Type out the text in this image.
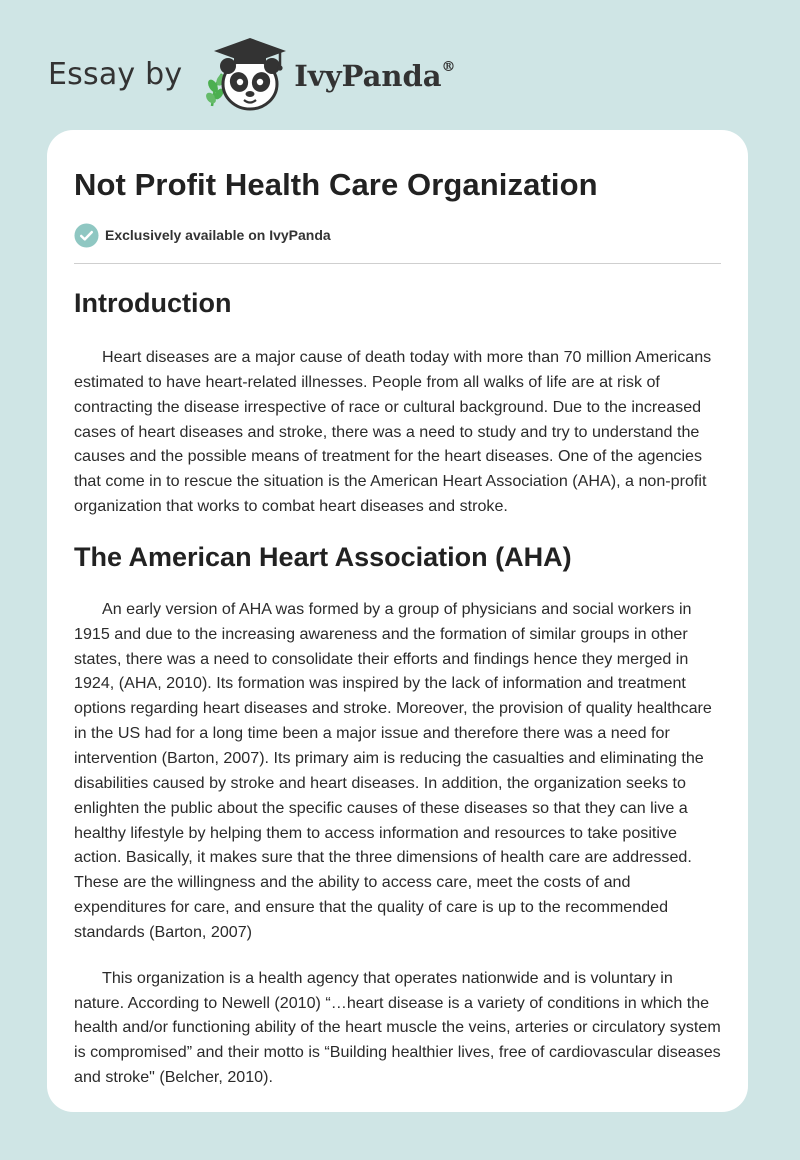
Essay by	IvyPanda®
Not Profit Health Care Organization
Exclusively available on IvyPanda
Introduction

Heart diseases are a major cause of death today with more than 70 million Americans estimated to have heart-related illnesses. People from all walks of life are at risk of contracting the disease irrespective of race or cultural background. Due to the increased cases of heart diseases and stroke, there was a need to study and try to understand the causes and the possible means of treatment for the heart diseases. One of the agencies that come in to rescue the situation is the American Heart Association (AHA), a non-profit organization that works to combat heart diseases and stroke.

The American Heart Association (AHA)

An early version of AHA was formed by a group of physicians and social workers in 1915 and due to the increasing awareness and the formation of similar groups in other states, there was a need to consolidate their efforts and findings hence they merged in 1924, (AHA, 2010). Its formation was inspired by the lack of information and treatment options regarding heart diseases and stroke. Moreover, the provision of quality healthcare in the US had for a long time been a major issue and therefore there was a need for intervention (Barton, 2007). Its primary aim is reducing the casualties and eliminating the disabilities caused by stroke and heart diseases. In addition, the organization seeks to enlighten the public about the specific causes of these diseases so that they can live a healthy lifestyle by helping them to access information and resources to take positive action. Basically, it makes sure that the three dimensions of health care are addressed. These are the willingness and the ability to access care, meet the costs of and expenditures for care, and ensure that the quality of care is up to the recommended standards (Barton, 2007)

This organization is a health agency that operates nationwide and is voluntary in nature. According to Newell (2010) “…heart disease is a variety of conditions in which the health and/or functioning ability of the heart muscle the veins, arteries or circulatory system is compromised” and their motto is “Building healthier lives, free of cardiovascular diseases and stroke" (Belcher, 2010).
